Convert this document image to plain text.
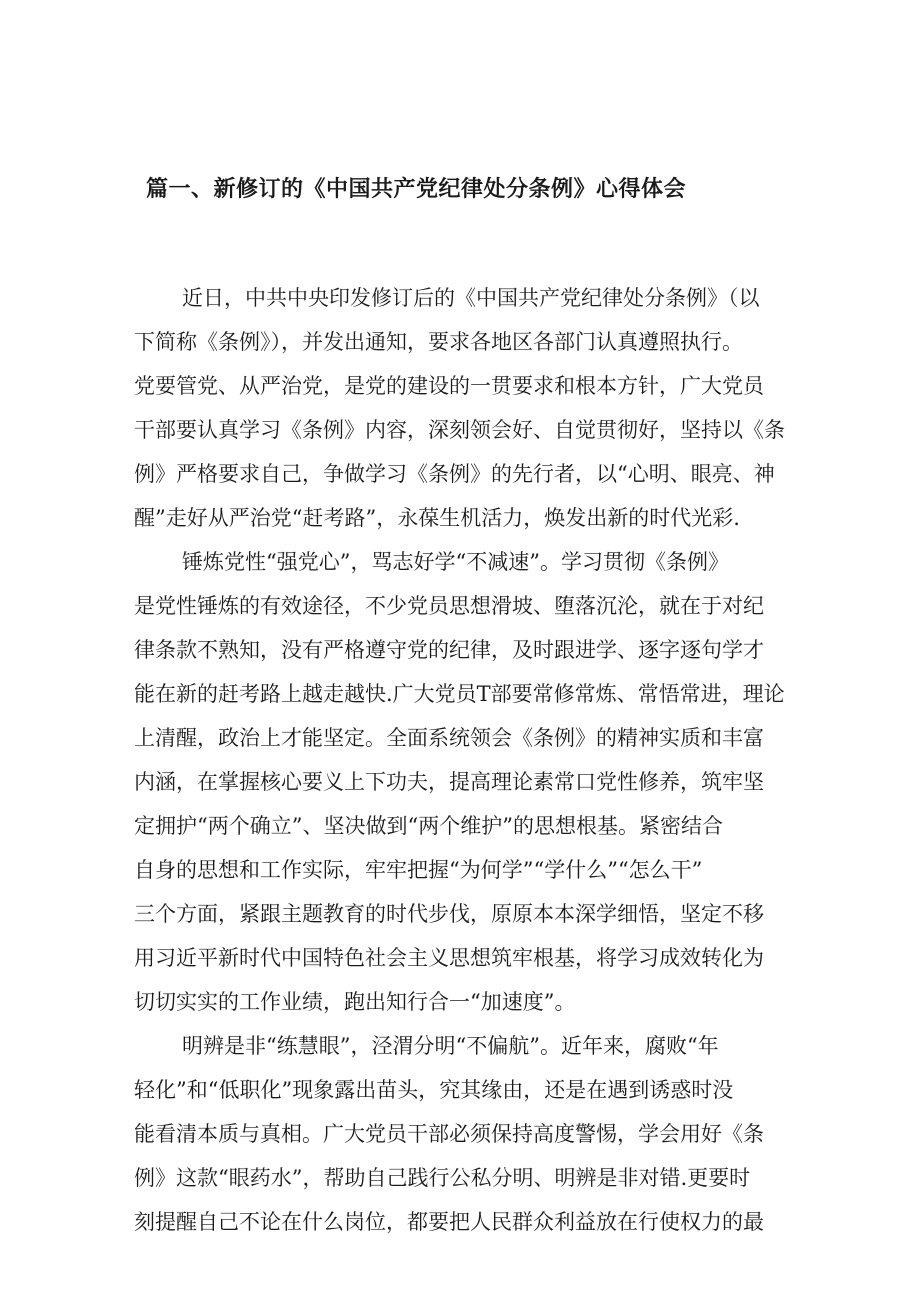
篇一、新修订的《中国共产党纪律处分条例》心得体会
近日，中共中央印发修订后的《中国共产党纪律处分条例》（以
下简称《条例》），并发出通知，要求各地区各部门认真遵照执行。
党要管党、从严治党，是党的建设的一贯要求和根本方针，广大党员
干部要认真学习《条例》内容，深刻领会好、自觉贯彻好，坚持以《条
例》严格要求自己，争做学习《条例》的先行者，以“心明、眼亮、神
醒”走好从严治党“赶考路”，永葆生机活力，焕发出新的时代光彩.
锤炼党性“强党心”，骂志好学“不减速”。学习贯彻《条例》
是党性锤炼的有效途径，不少党员思想滑坡、堕落沉沦，就在于对纪
律条款不熟知，没有严格遵守党的纪律，及时跟进学、逐字逐句学才
能在新的赶考路上越走越快.广大党员T部要常修常炼、常悟常进，理论
上清醒，政治上才能坚定。全面系统领会《条例》的精神实质和丰富
内涵，在掌握核心要义上下功夫，提高理论素常口党性修养，筑牢坚
定拥护“两个确立”、坚决做到“两个维护”的思想根基。紧密结合
自身的思想和工作实际，牢牢把握“为何学”“学什么”“怎么干”
三个方面，紧跟主题教育的时代步伐，原原本本深学细悟，坚定不移
用习近平新时代中国特色社会主义思想筑牢根基，将学习成效转化为
切切实实的工作业绩，跑出知行合一“加速度”。
明辨是非“练慧眼”，泾渭分明“不偏航”。近年来，腐败“年
轻化”和“低职化”现象露出苗头，究其缘由，还是在遇到诱惑时没
能看清本质与真相。广大党员干部必须保持高度警惕，学会用好《条
例》这款“眼药水”，帮助自己践行公私分明、明辨是非对错.更要时
刻提醒自己不论在什么岗位，都要把人民群众利益放在行使权力的最
